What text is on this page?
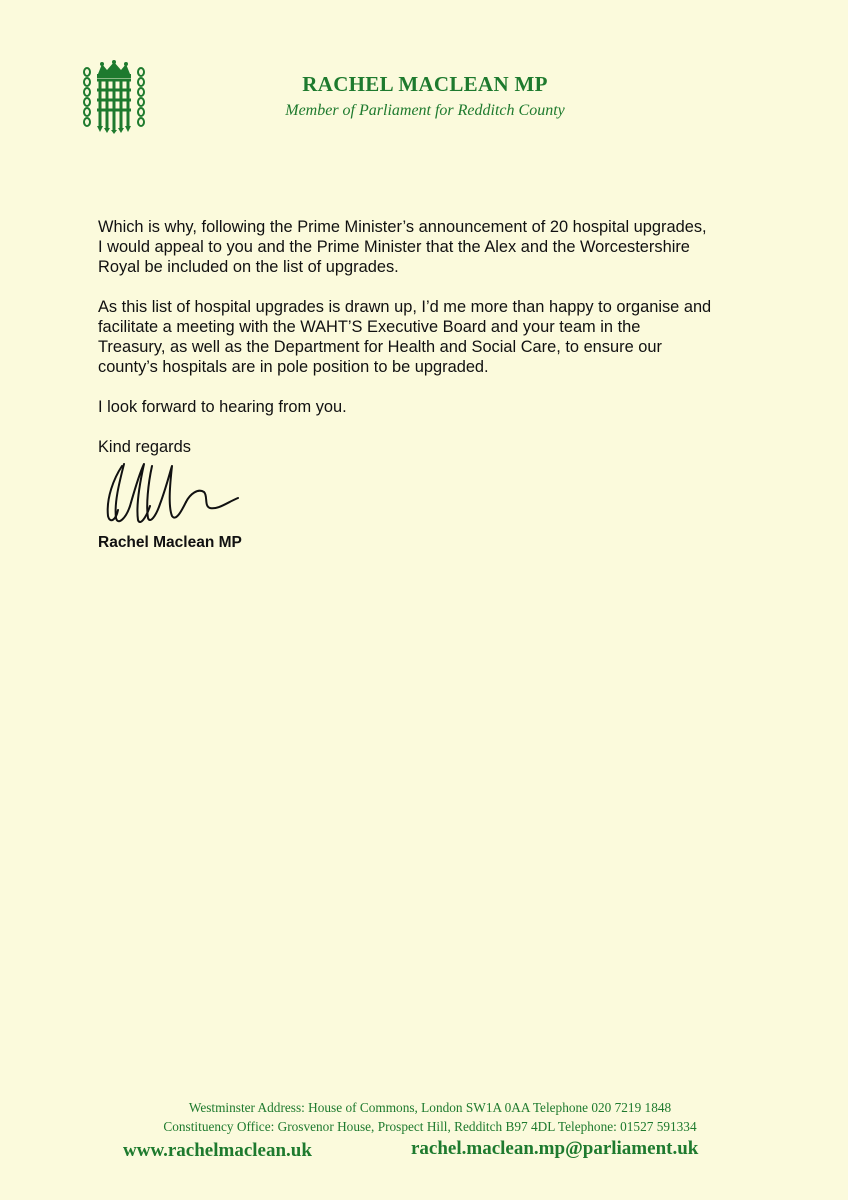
RACHEL MACLEAN MP
Member of Parliament for Redditch County

Which is why, following the Prime Minister’s announcement of 20 hospital upgrades,

I would appeal to you and the Prime Minister that the Alex and the Worcestershire

Royal be included on the list of upgrades.

As this list of hospital upgrades is drawn up, I’d me more than happy to organise and

facilitate a meeting with the WAHT’S Executive Board and your team in the

Treasury, as well as the Department for Health and Social Care, to ensure our

county’s hospitals are in pole position to be upgraded.

I look forward to hearing from you.

Kind regards
Rachel Maclean MP
Westminster Address: House of Commons, London SW1A 0AA Telephone 020 7219 1848
Constituency Office: Grosvenor House, Prospect Hill, Redditch B97 4DL Telephone: 01527 591334
www.rachelmaclean.uk	rachel.maclean.mp@parliament.uk
